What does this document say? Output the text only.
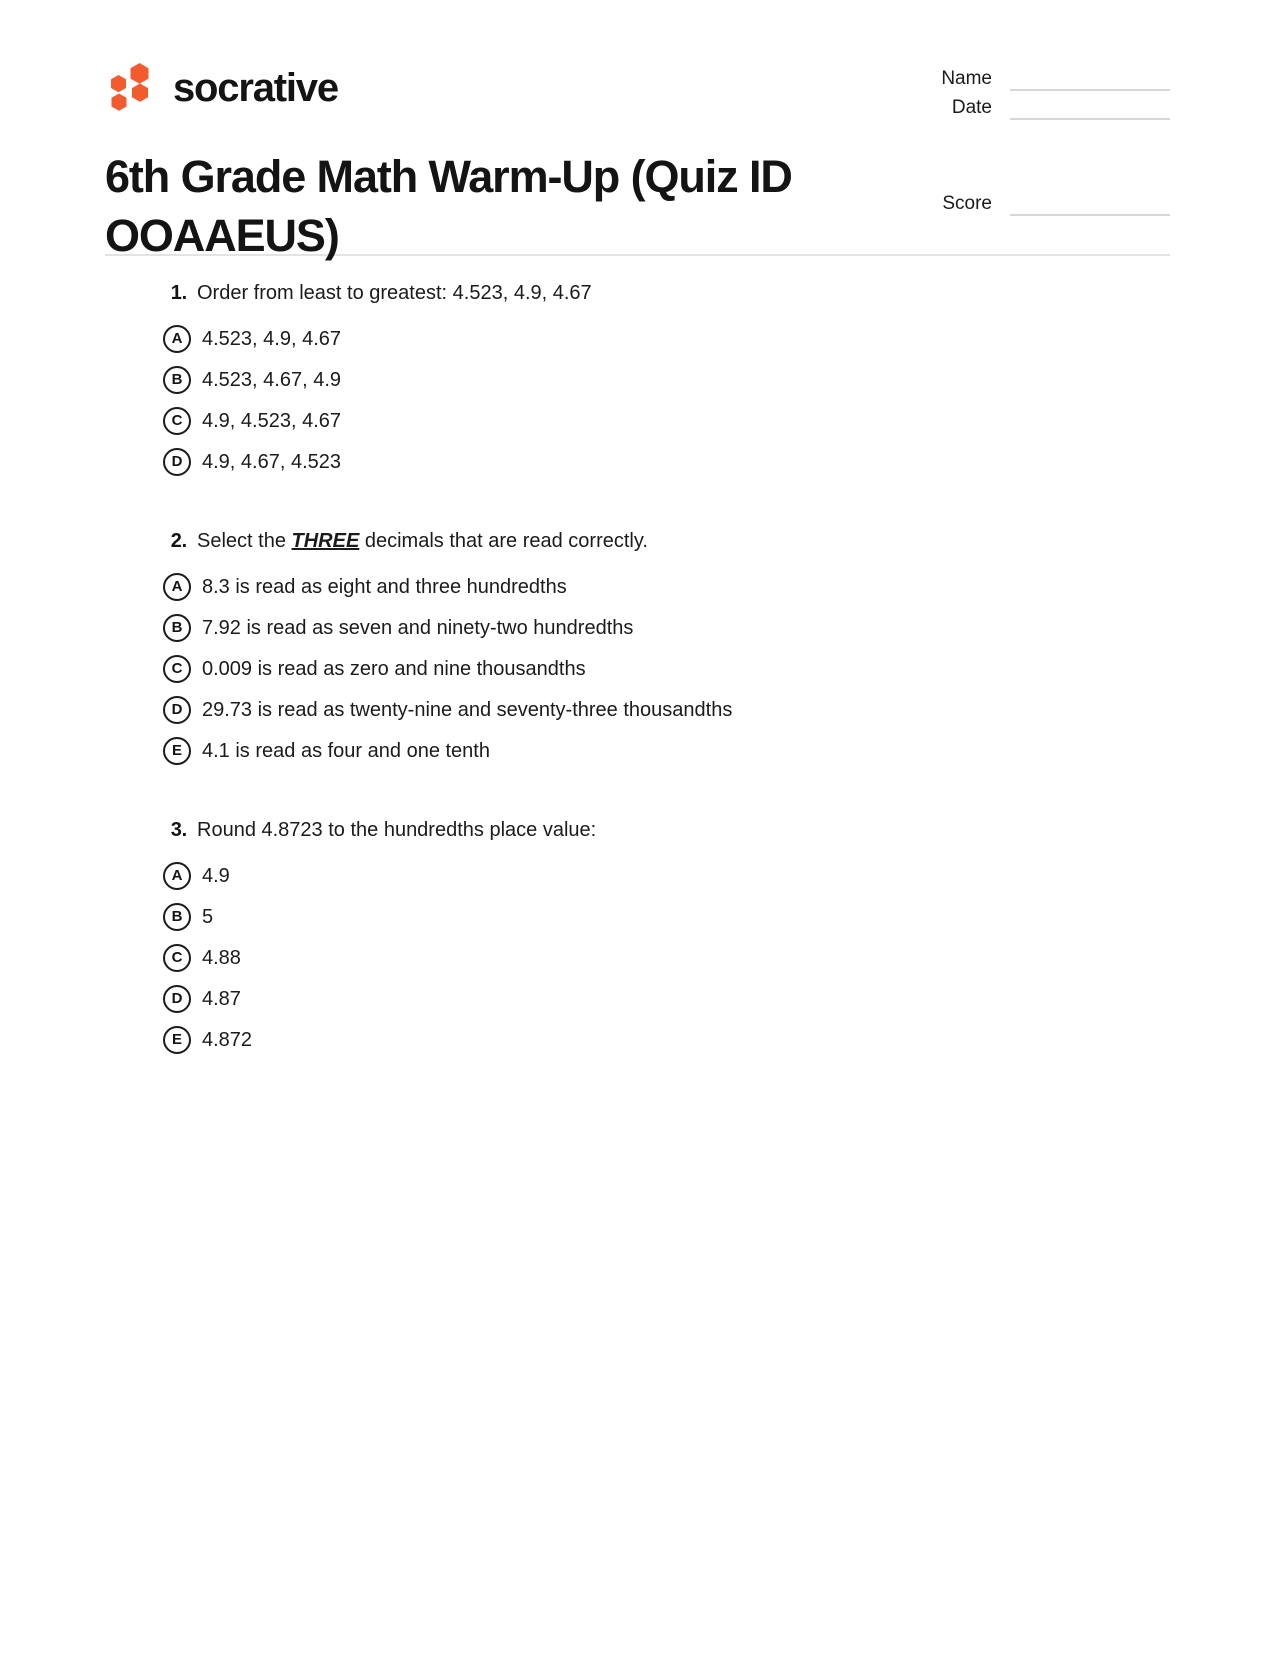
socrative
6th Grade Math Warm-Up (Quiz ID OOAAEUS)
Name
Date
Score
1. Order from least to greatest: 4.523, 4.9, 4.67
A 4.523, 4.9, 4.67
B 4.523, 4.67, 4.9
C 4.9, 4.523, 4.67
D 4.9, 4.67, 4.523
2. Select the THREE decimals that are read correctly.
A 8.3 is read as eight and three hundredths
B 7.92 is read as seven and ninety-two hundredths
C 0.009 is read as zero and nine thousandths
D 29.73 is read as twenty-nine and seventy-three thousandths
E	4.1 is read as four and one tenth
3. Round 4.8723 to the hundredths place value:
A 4.9
B 5
C 4.88
D 4.87
E	4.872
